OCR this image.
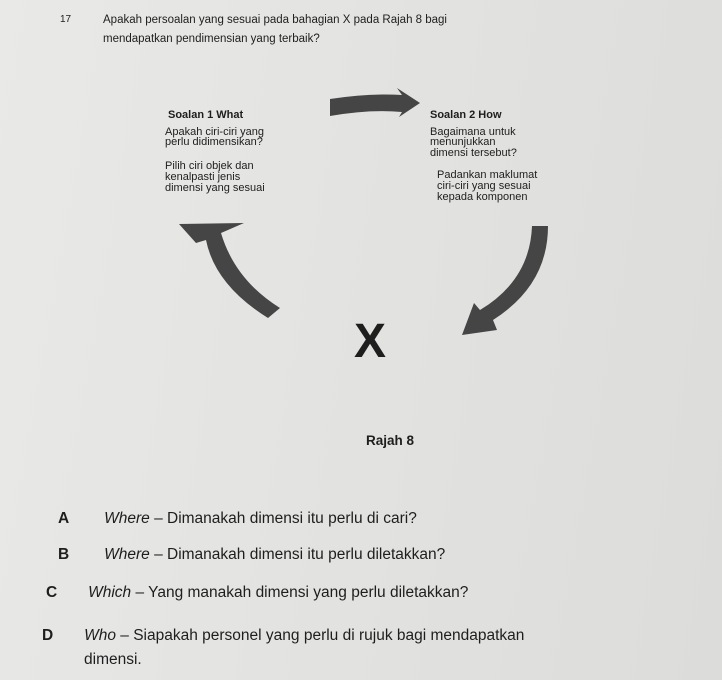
17	Apakah persoalan yang sesuai pada bahagian X pada Rajah 8 bagi
mendapatkan pendimensian yang terbaik?
Soalan 1 What
Apakah ciri-ciri yang
perlu didimensikan?
Pilih ciri objek dan
kenalpasti jenis
dimensi yang sesuai
Soalan 2 How
Bagaimana untuk
menunjukkan
dimensi tersebut?
Padankan maklumat
ciri-ciri yang sesuai
kepada komponen
X
Rajah 8
A Where – Dimanakah dimensi itu perlu di cari?
B Where – Dimanakah dimensi itu perlu diletakkan?
C Which – Yang manakah dimensi yang perlu diletakkan?
D Who – Siapakah personel yang perlu di rujuk bagi mendapatkan
dimensi.
